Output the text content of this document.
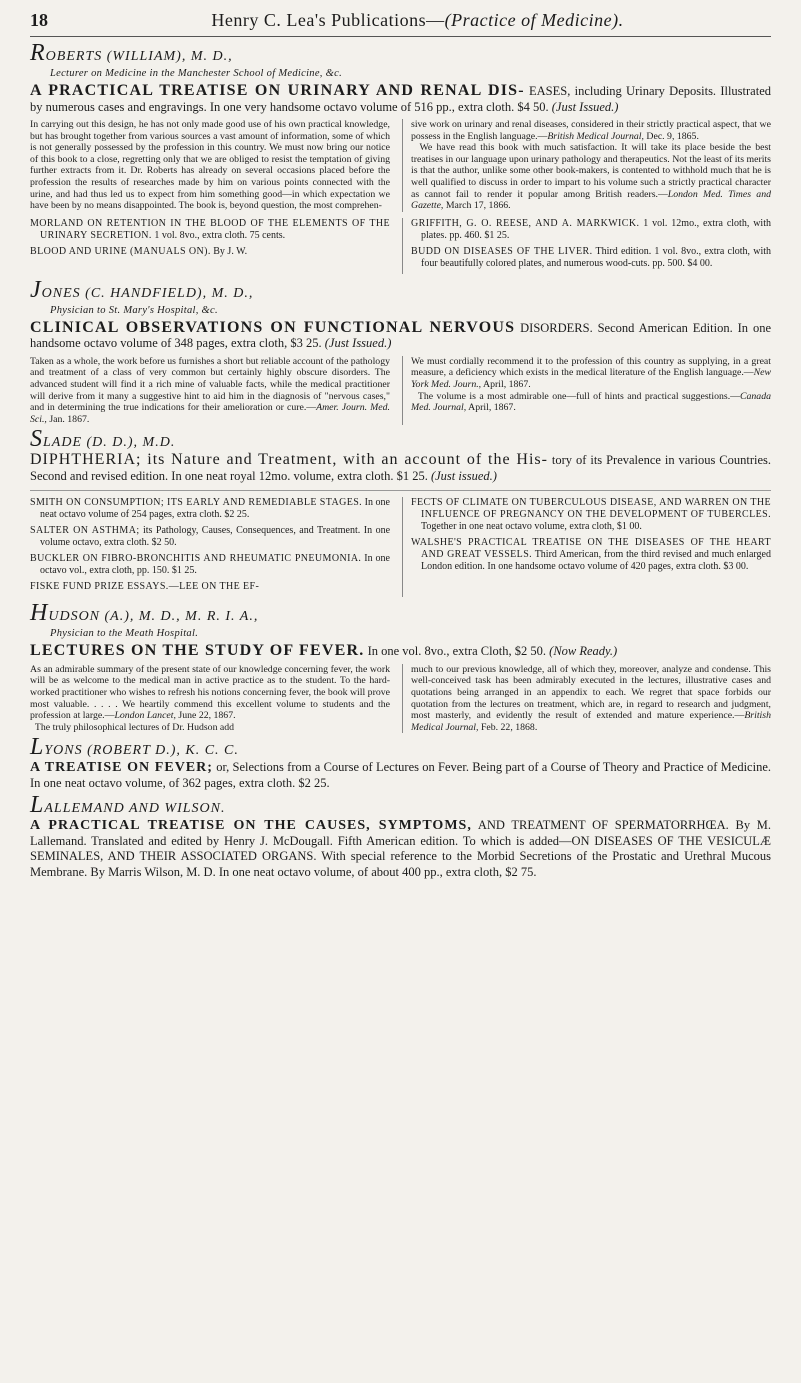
18	Henry C. Lea's Publications—(Practice of Medicine).
ROBERTS (WILLIAM), M. D.,
Lecturer on Medicine in the Manchester School of Medicine, &c.

A PRACTICAL TREATISE ON URINARY AND RENAL DIS- EASES, including Urinary Deposits. Illustrated by numerous cases and engravings. In one very handsome octavo volume of 516 pp., extra cloth. $4 50. (Just Issued.)

In carrying out this design, he has not only made good use of his own practical knowledge, but has brought together from various sources a vast amount of information, some of which is not generally possessed by the profession in this country. We must now bring our notice of this book to a close, regretting only that we are obliged to resist the temptation of giving further extracts from it. Dr. Roberts has already on several occasions placed before the profession the results of researches made by him on various points connected with the urine, and had thus led us to expect from him something good—in which expectation we have been by no means disappointed. The book is, beyond question, the most comprehen-
sive work on urinary and renal diseases, considered in their strictly practical aspect, that we possess in the English language.—British Medical Journal, Dec. 9, 1865.
We have read this book with much satisfaction. It will take its place beside the best treatises in our language upon urinary pathology and therapeutics. Not the least of its merits is that the author, unlike some other book-makers, is contented to withhold much that he is well qualified to discuss in order to impart to his volume such a strictly practical character as cannot fail to render it popular among British readers.—London Med. Times and Gazette, March 17, 1866.

MORLAND ON RETENTION IN THE BLOOD OF THE ELEMENTS OF THE URINARY SECRETION. 1 vol. 8vo., extra cloth. 75 cents.

BLOOD AND URINE (MANUALS ON). By J. W.

GRIFFITH, G. O. REESE, AND A. MARKWICK. 1 vol. 12mo., extra cloth, with plates. pp. 460. $1 25.

BUDD ON DISEASES OF THE LIVER. Third edition. 1 vol. 8vo., extra cloth, with four beautifully colored plates, and numerous wood-cuts. pp. 500. $4 00.

JONES (C. HANDFIELD), M. D.,
Physician to St. Mary's Hospital, &c.

CLINICAL OBSERVATIONS ON FUNCTIONAL NERVOUS DISORDERS. Second American Edition. In one handsome octavo volume of 348 pages, extra cloth, $3 25. (Just Issued.)

Taken as a whole, the work before us furnishes a short but reliable account of the pathology and treatment of a class of very common but certainly highly obscure disorders. The advanced student will find it a rich mine of valuable facts, while the medical practitioner will derive from it many a suggestive hint to aid him in the diagnosis of "nervous cases," and in determining the true indications for their amelioration or cure.—Amer. Journ. Med. Sci., Jan. 1867.
We must cordially recommend it to the profession of this country as supplying, in a great measure, a deficiency which exists in the medical literature of the English language.—New York Med. Journ., April, 1867.
The volume is a most admirable one—full of hints and practical suggestions.—Canada Med. Journal, April, 1867.
SLADE (D. D.), M.D.

DIPHTHERIA; its Nature and Treatment, with an account of the His- tory of its Prevalence in various Countries. Second and revised edition. In one neat royal 12mo. volume, extra cloth. $1 25. (Just issued.)

SMITH ON CONSUMPTION; ITS EARLY AND REMEDIABLE STAGES. In one neat octavo volume of 254 pages, extra cloth. $2 25.

SALTER ON ASTHMA; its Pathology, Causes, Consequences, and Treatment. In one volume octavo, extra cloth. $2 50.

BUCKLER ON FIBRO-BRONCHITIS AND RHEUMATIC PNEUMONIA. In one octavo vol., extra cloth, pp. 150. $1 25.

FISKE FUND PRIZE ESSAYS.—LEE ON THE EF-

FECTS OF CLIMATE ON TUBERCULOUS DISEASE, AND WARREN ON THE INFLUENCE OF PREGNANCY ON THE DEVELOPMENT OF TUBERCLES. Together in one neat octavo volume, extra cloth, $1 00.

WALSHE'S PRACTICAL TREATISE ON THE DISEASES OF THE HEART AND GREAT VESSELS. Third American, from the third revised and much enlarged London edition. In one handsome octavo volume of 420 pages, extra cloth. $3 00.

HUDSON (A.), M. D., M. R. I. A.,
Physician to the Meath Hospital.

LECTURES ON THE STUDY OF FEVER. In one vol. 8vo., extra Cloth, $2 50. (Now Ready.)

As an admirable summary of the present state of our knowledge concerning fever, the work will be as welcome to the medical man in active practice as to the student. To the hard-worked practitioner who wishes to refresh his notions concerning fever, the book will prove most valuable. . . . . We heartily commend this excellent volume to students and the profession at large.—London Lancet, June 22, 1867.
The truly philosophical lectures of Dr. Hudson add
much to our previous knowledge, all of which they, moreover, analyze and condense. This well-conceived task has been admirably executed in the lectures, illustrative cases and quotations being arranged in an appendix to each. We regret that space forbids our quotation from the lectures on treatment, which are, in regard to research and judgment, most masterly, and evidently the result of extended and mature experience.—British Medical Journal, Feb. 22, 1868.
LYONS (ROBERT D.), K. C. C.

A TREATISE ON FEVER; or, Selections from a Course of Lectures on Fever. Being part of a Course of Theory and Practice of Medicine. In one neat octavo volume, of 362 pages, extra cloth. $2 25.

LALLEMAND AND WILSON.

A PRACTICAL TREATISE ON THE CAUSES, SYMPTOMS, AND TREATMENT OF SPERMATORRHŒA. By M. Lallemand. Translated and edited by Henry J. McDougall. Fifth American edition. To which is added—ON DISEASES OF THE VESICULÆ SEMINALES, AND THEIR ASSOCIATED ORGANS. With special reference to the Morbid Secretions of the Prostatic and Urethral Mucous Membrane. By Marris Wilson, M. D. In one neat octavo volume, of about 400 pp., extra cloth, $2 75.
